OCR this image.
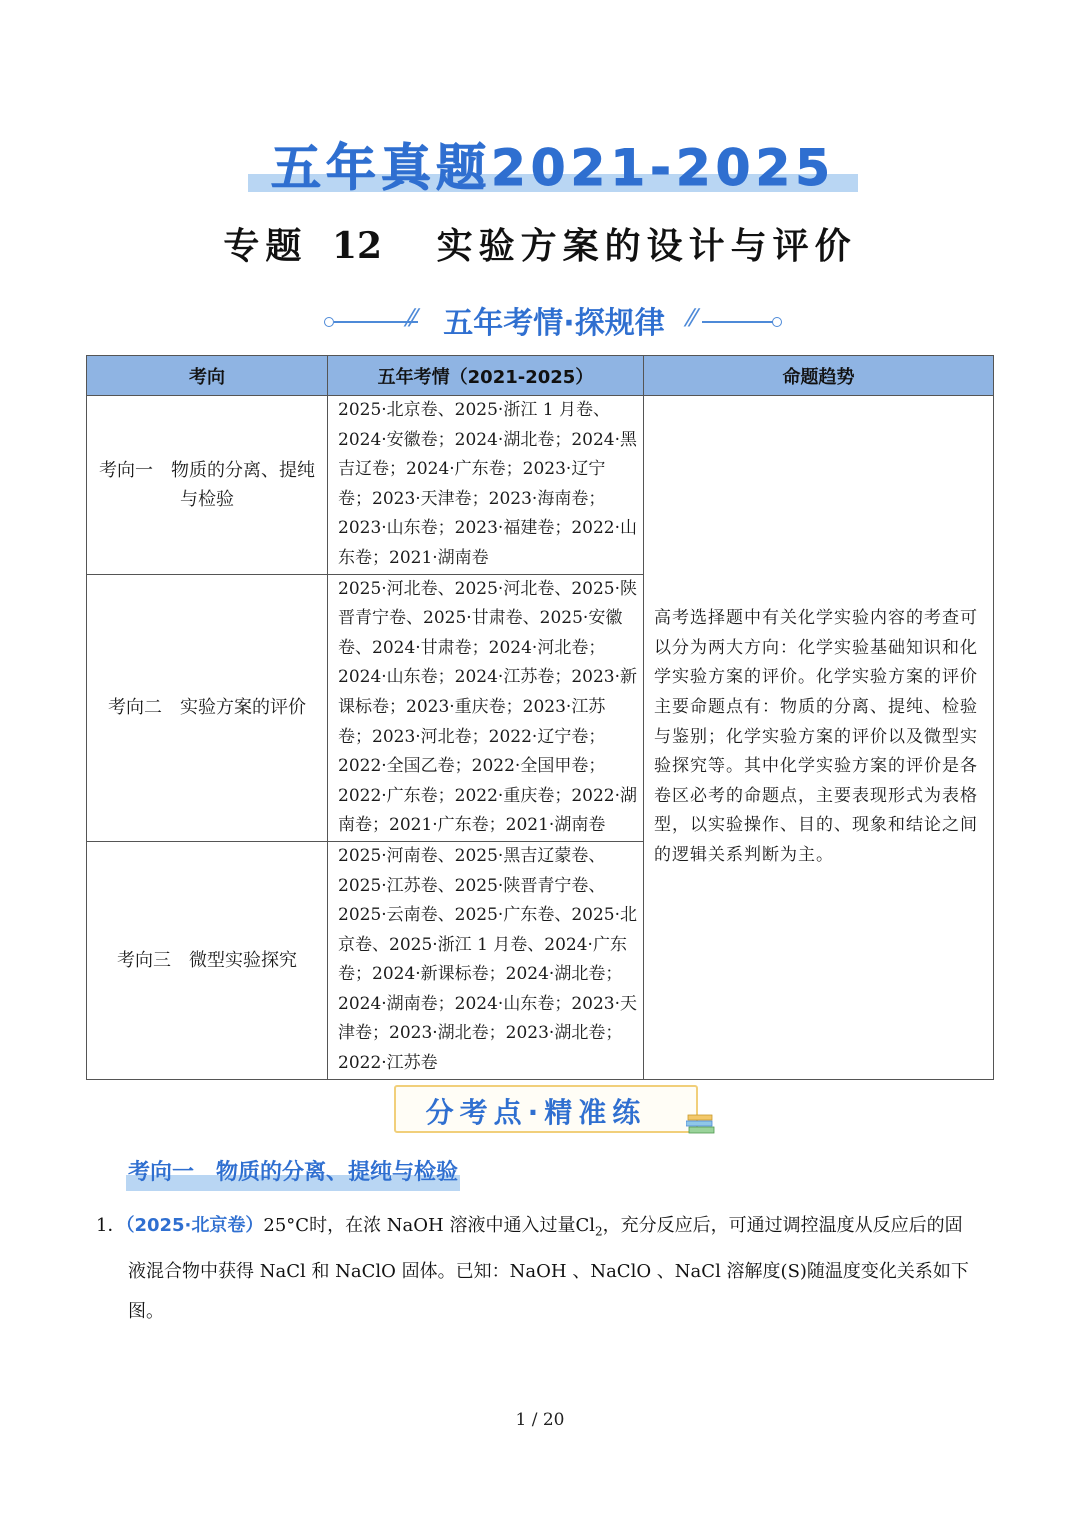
五年真题2021-2025
专题 12 实验方案的设计与评价
⁄⁄ 五年考情·探规律 ⁄⁄
考向	五年考情（2021-2025）	命题趋势

考向一　物质的分离、提纯
与检验	2025·北京卷、2025·浙江 1 月卷、2024·安徽卷；2024·湖北卷；2024·黑吉辽卷；2024·广东卷；2023·辽宁卷；2023·天津卷；2023·海南卷；2023·山东卷；2023·福建卷；2022·山东卷；2021·湖南卷	高考选择题中有关化学实验内容的考查可以分为两大方向：化学实验基础知识和化学实验方案的评价。化学实验方案的评价主要命题点有：物质的分离、提纯、检验与鉴别；化学实验方案的评价以及微型实验探究等。其中化学实验方案的评价是各卷区必考的命题点，主要表现形式为表格型，以实验操作、目的、现象和结论之间的逻辑关系判断为主。

考向二　实验方案的评价	2025·河北卷、2025·河北卷、2025·陕晋青宁卷、2025·甘肃卷、2025·安徽卷、2024·甘肃卷；2024·河北卷；2024·山东卷；2024·江苏卷；2023·新课标卷；2023·重庆卷；2023·江苏卷；2023·河北卷；2022·辽宁卷；2022·全国乙卷；2022·全国甲卷；2022·广东卷；2022·重庆卷；2022·湖南卷；2021·广东卷；2021·湖南卷	

考向三　微型实验探究	2025·河南卷、2025·黑吉辽蒙卷、2025·江苏卷、2025·陕晋青宁卷、2025·云南卷、2025·广东卷、2025·北京卷、2025·浙江 1 月卷、2024·广东卷；2024·新课标卷；2024·湖北卷；2024·湖南卷；2024·山东卷；2023·天津卷；2023·湖北卷；2023·湖北卷；2022·江苏卷	
分考点·精准练
考向一　物质的分离、提纯与检验
1．（2025·北京卷）25°C时，在浓 NaOH 溶液中通入过量$Cl_2$，充分反应后，可通过调控温度从反应后的固
液混合物中获得 NaCl 和 NaClO 固体。已知：NaOH 、NaClO 、NaCl 溶解度(S)随温度变化关系如下图。
1 / 20
